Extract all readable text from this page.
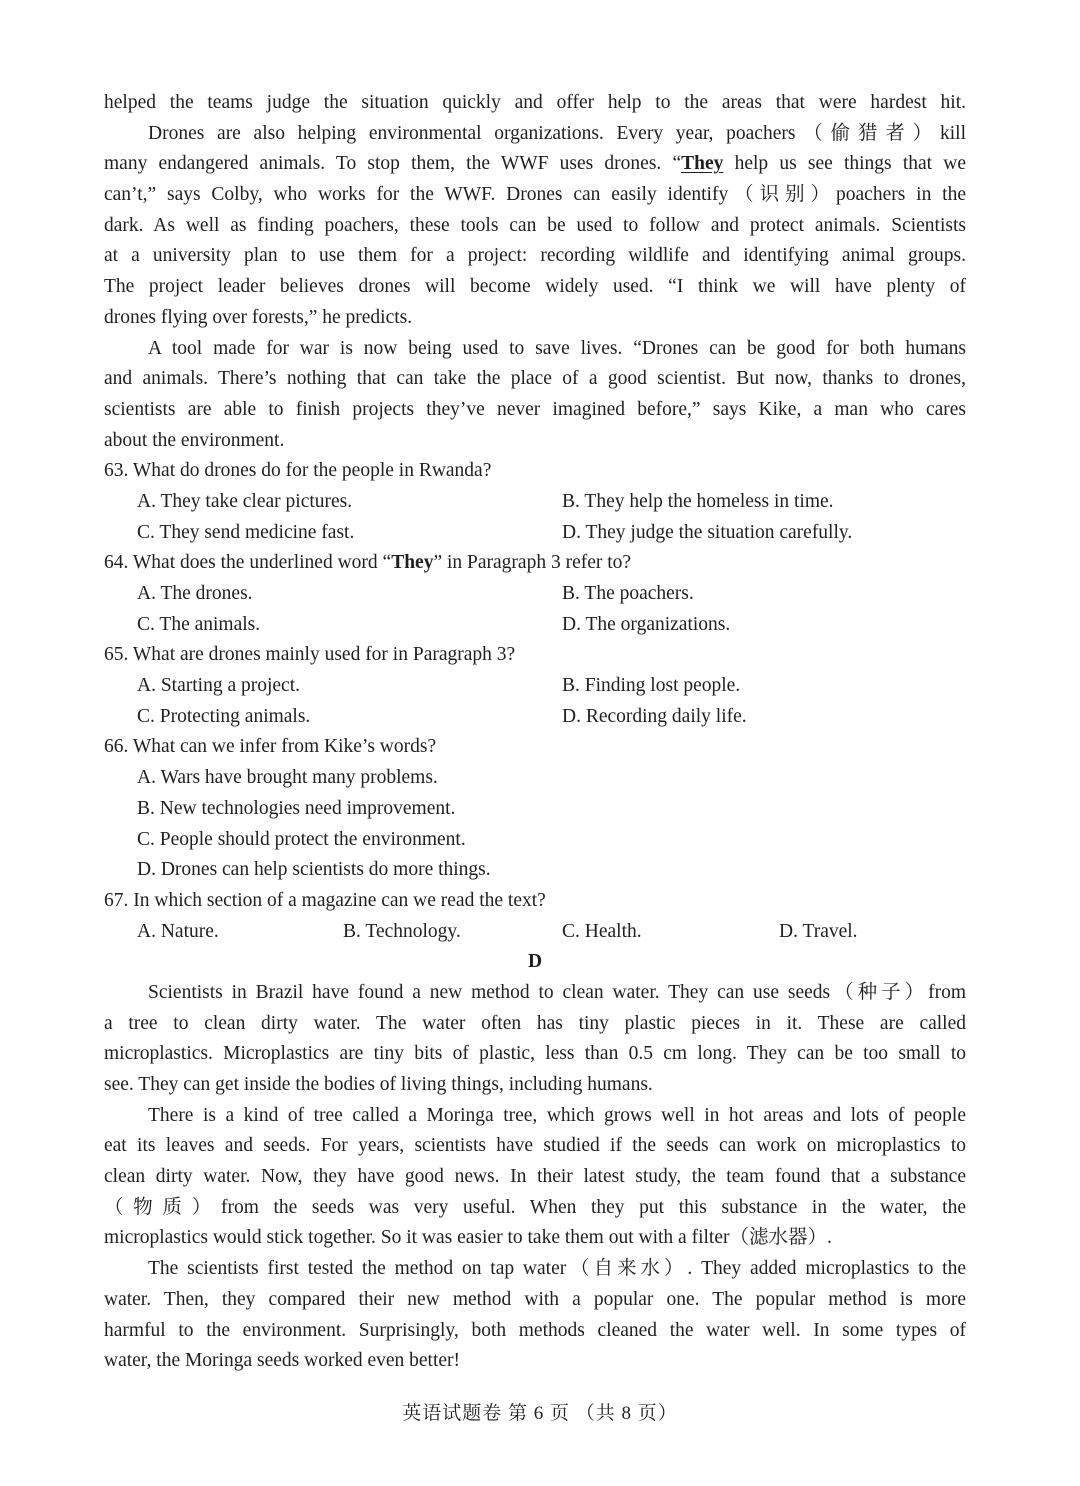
helped the teams judge the situation quickly and offer help to the areas that were hardest hit.
Drones are also helping environmental organizations. Every year, poachers（偷猎者）kill
many endangered animals. To stop them, the WWF uses drones. “They help us see things that we
can’t,” says Colby, who works for the WWF. Drones can easily identify（识别）poachers in the
dark. As well as finding poachers, these tools can be used to follow and protect animals. Scientists
at a university plan to use them for a project: recording wildlife and identifying animal groups.
The project leader believes drones will become widely used. “I think we will have plenty of
drones flying over forests,” he predicts.
A tool made for war is now being used to save lives. “Drones can be good for both humans
and animals. There’s nothing that can take the place of a good scientist. But now, thanks to drones,
scientists are able to finish projects they’ve never imagined before,” says Kike, a man who cares
about the environment.
63. What do drones do for the people in Rwanda?
A. They take clear pictures.	B. They help the homeless in time.
C. They send medicine fast.	D. They judge the situation carefully.
64. What does the underlined word “They” in Paragraph 3 refer to?
A. The drones.	B. The poachers.
C. The animals.	D. The organizations.
65. What are drones mainly used for in Paragraph 3?
A. Starting a project.	B. Finding lost people.
C. Protecting animals.	D. Recording daily life.
66. What can we infer from Kike’s words?
A. Wars have brought many problems.
B. New technologies need improvement.
C. People should protect the environment.
D. Drones can help scientists do more things.
67. In which section of a magazine can we read the text?
A. Nature.	B. Technology.	C. Health.	D. Travel.
D
Scientists in Brazil have found a new method to clean water. They can use seeds（种子）from
a tree to clean dirty water. The water often has tiny plastic pieces in it. These are called
microplastics. Microplastics are tiny bits of plastic, less than 0.5 cm long. They can be too small to
see. They can get inside the bodies of living things, including humans.
There is a kind of tree called a Moringa tree, which grows well in hot areas and lots of people
eat its leaves and seeds. For years, scientists have studied if the seeds can work on microplastics to
clean dirty water. Now, they have good news. In their latest study, the team found that a substance
（物质）from the seeds was very useful. When they put this substance in the water, the
microplastics would stick together. So it was easier to take them out with a filter（滤水器）.
The scientists first tested the method on tap water（自来水）. They added microplastics to the
water. Then, they compared their new method with a popular one. The popular method is more
harmful to the environment. Surprisingly, both methods cleaned the water well. In some types of
water, the Moringa seeds worked even better!
英语试题卷 第 6 页 （共 8 页）
